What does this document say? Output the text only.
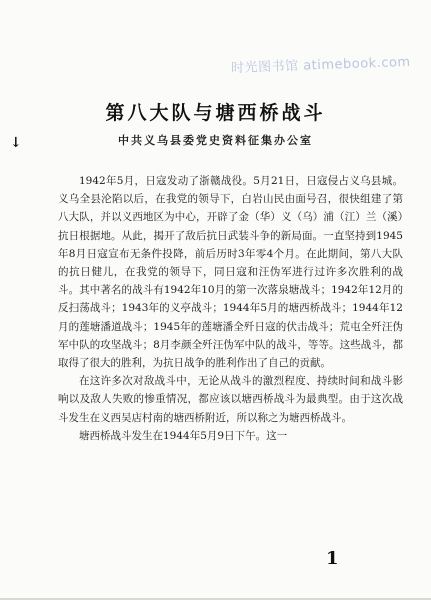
时光图书馆 atimebook.com
↓
第八大队与塘西桥战斗
中共义乌县委党史资料征集办公室

1942年5月，日寇发动了浙赣战役。5月21日，日寇侵占义乌县城。义乌全县沦陷以后，在我党的领导下，白岩山民由面号召，很快组建了第八大队，并以义西地区为中心，开辟了金（华）义（乌）浦（江）兰（溪）抗日根据地。从此，揭开了敌后抗日武装斗争的新局面。一直坚持到1945年8月日寇宣布无条件投降，前后历时3年零4个月。在此期间，第八大队的抗日健儿，在我党的领导下，同日寇和汪伪军进行过许多次胜利的战斗。其中著名的战斗有1942年10月的第一次落泉塘战斗；1942年12月的反扫荡战斗；1943年的义亭战斗；1944年5月的塘西桥战斗；1944年12月的莲塘潘道战斗；1945年的莲塘潘全歼日寇的伏击战斗；荒屯全歼汪伪军中队的攻坚战斗；8月李颜全歼汪伪军中队的战斗，等等。这些战斗，都取得了很大的胜利，为抗日战争的胜利作出了自己的贡献。

在这许多次对敌战斗中，无论从战斗的激烈程度、持续时间和战斗影响以及敌人失败的惨重情况，都应该以塘西桥战斗为最典型。由于这次战斗发生在义西吴店村南的塘西桥附近，所以称之为塘西桥战斗。

塘西桥战斗发生在1944年5月9日下午。这一

1
